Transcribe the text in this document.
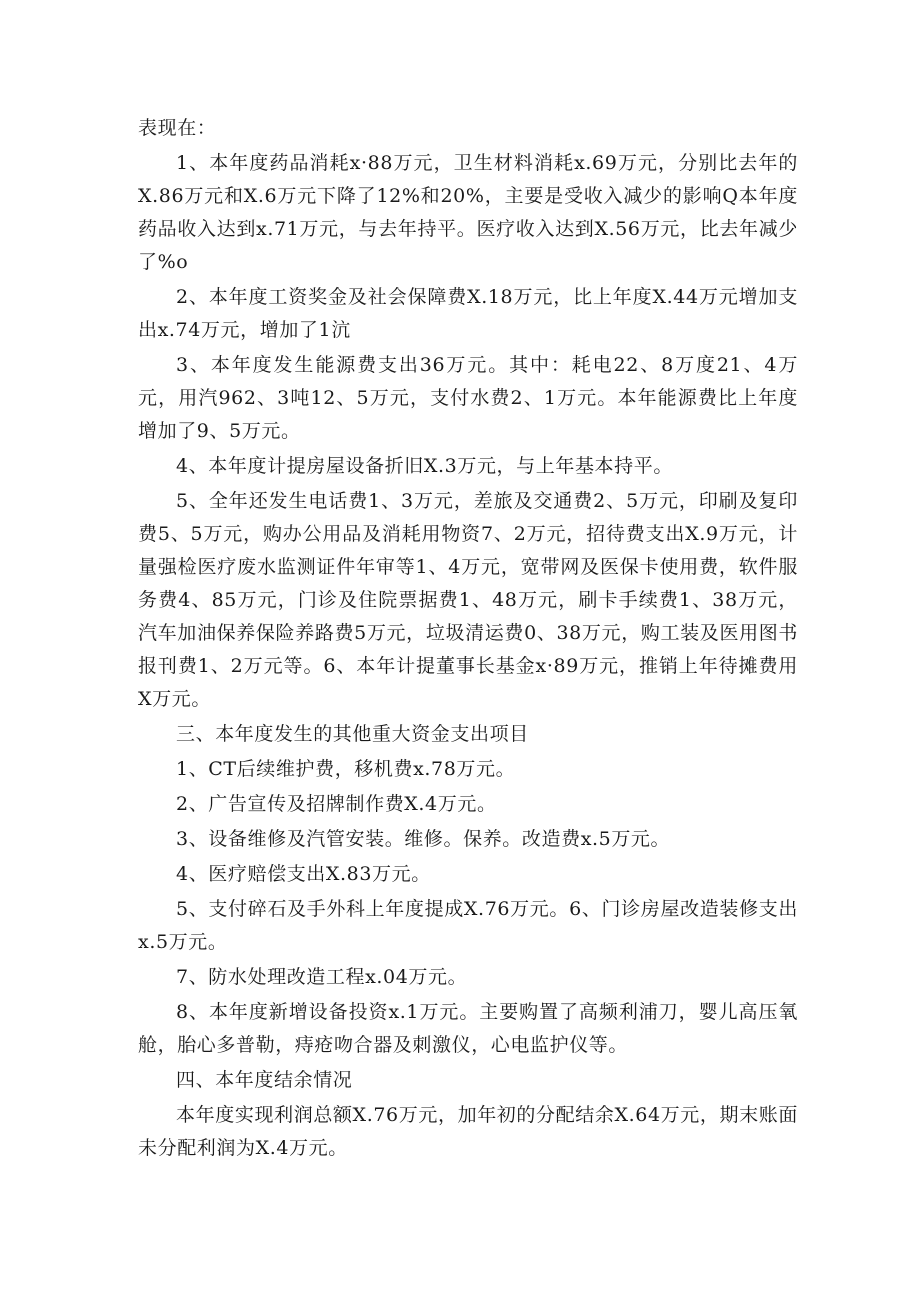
表现在：

1、本年度药品消耗x·88万元，卫生材料消耗x.69万元，分别比去年的X.86万元和X.6万元下降了12%和20%，主要是受收入减少的影响Q本年度药品收入达到x.71万元，与去年持平。医疗收入达到X.56万元，比去年减少了%o

2、本年度工资奖金及社会保障费X.18万元，比上年度X.44万元增加支出x.74万元，增加了1沆

3、本年度发生能源费支出36万元。其中：耗电22、8万度21、4万元，用汽962、3吨12、5万元，支付水费2、1万元。本年能源费比上年度增加了9、5万元。

4、本年度计提房屋设备折旧X.3万元，与上年基本持平。

5、全年还发生电话费1、3万元，差旅及交通费2、5万元，印刷及复印费5、5万元，购办公用品及消耗用物资7、2万元，招待费支出X.9万元，计量强检医疗废水监测证件年审等1、4万元，宽带网及医保卡使用费，软件服务费4、85万元，门诊及住院票据费1、48万元，刷卡手续费1、38万元，汽车加油保养保险养路费5万元，垃圾清运费0、38万元，购工装及医用图书报刊费1、2万元等。6、本年计提董事长基金x·89万元，推销上年待摊费用X万元。

三、本年度发生的其他重大资金支出项目

1、CT后续维护费，移机费x.78万元。

2、广告宣传及招牌制作费X.4万元。

3、设备维修及汽管安装。维修。保养。改造费x.5万元。

4、医疗赔偿支出X.83万元。

5、支付碎石及手外科上年度提成X.76万元。6、门诊房屋改造装修支出x.5万元。

7、防水处理改造工程x.04万元。

8、本年度新增设备投资x.1万元。主要购置了高频利浦刀，婴儿高压氧舱，胎心多普勒，痔疮吻合器及刺激仪，心电监护仪等。

四、本年度结余情况

本年度实现利润总额X.76万元，加年初的分配结余X.64万元，期末账面未分配利润为X.4万元。
